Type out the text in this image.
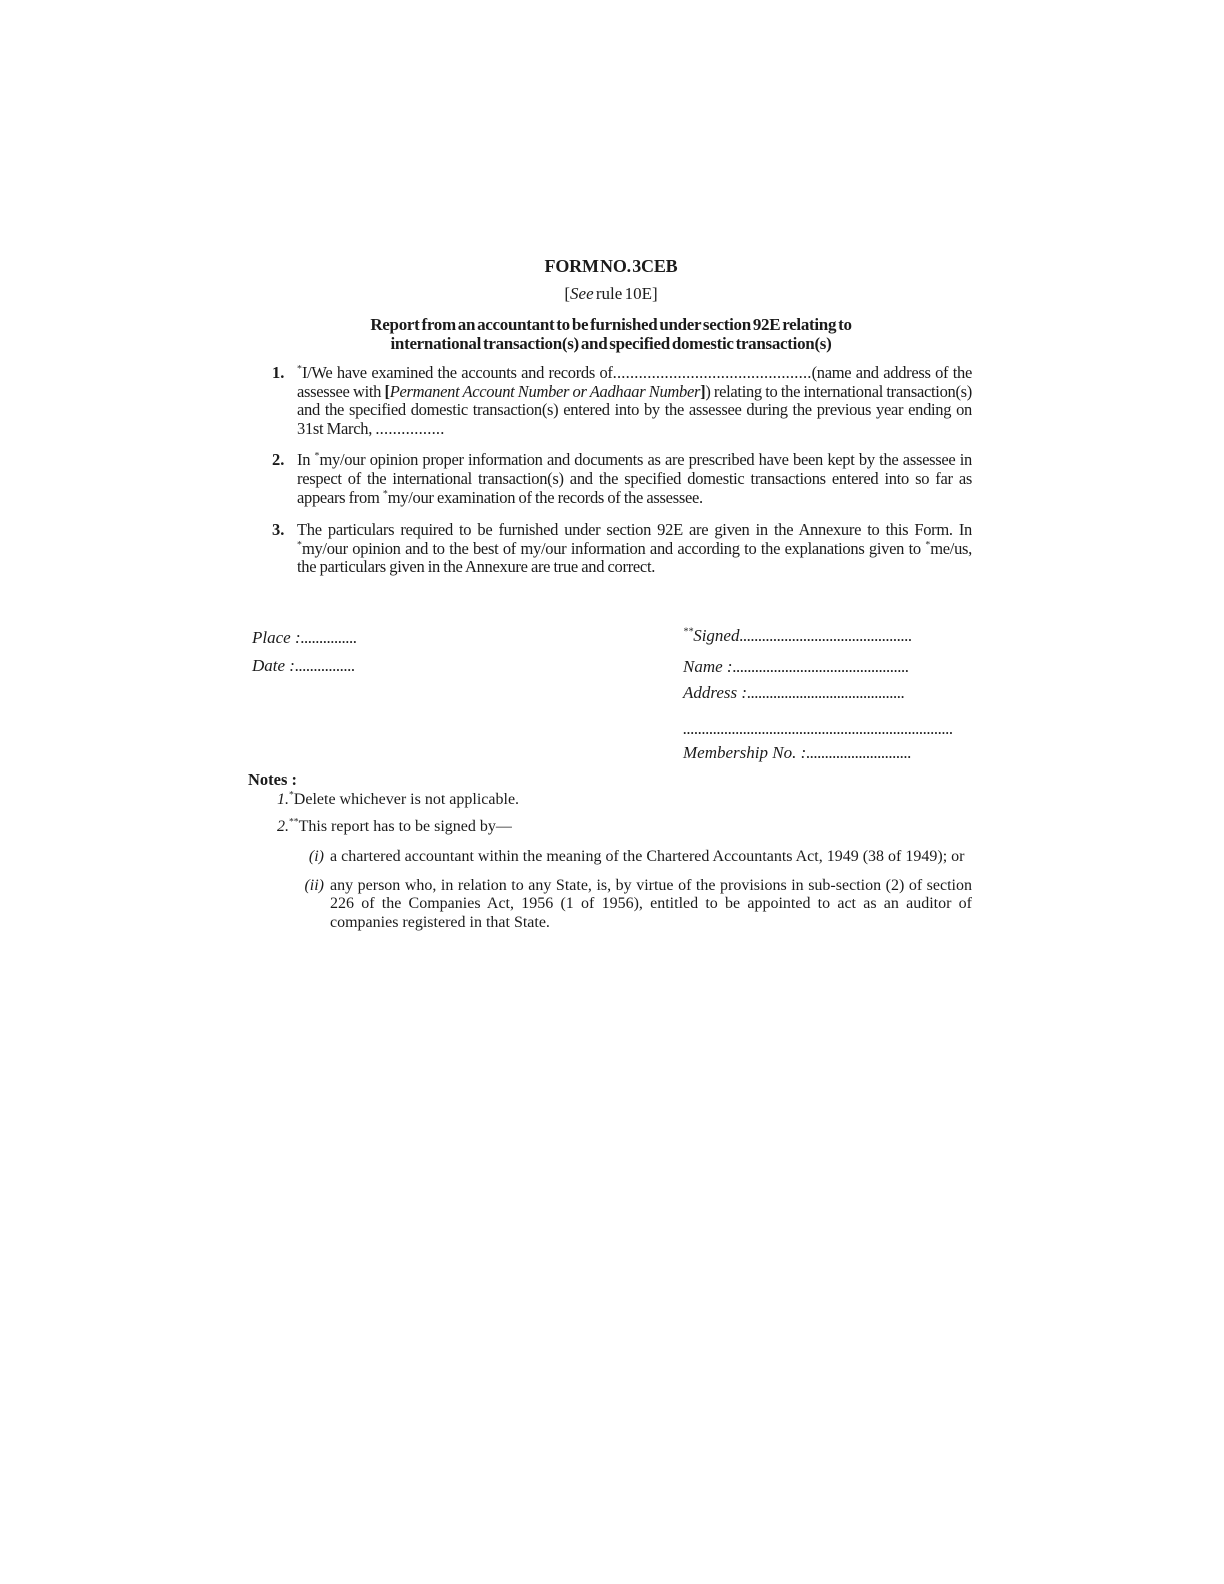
FORM NO. 3CEB
[See rule 10E]
Report from an accountant to be furnished under section 92E relating to
international transaction(s) and specified domestic transaction(s)
1. *I/We have examined the accounts and records of..............................................(name and address of the assessee with [Permanent Account Number or Aadhaar Number]) relating to the international transaction(s) and the specified domestic transaction(s) entered into by the assessee during the previous year ending on 31st March, ................

2. In *my/our opinion proper information and documents as are prescribed have been kept by the assessee in respect of the international transaction(s) and the specified domestic transactions entered into so far as appears from *my/our examination of the records of the assessee.

3. The particulars required to be furnished under section 92E are given in the Annexure to this Form. In *my/our opinion and to the best of my/our information and according to the explanations given to *me/us, the particulars given in the Annexure are true and correct.

Place :...............
Date :................
**Signed..............................................
Name :...............................................
Address :..........................................
........................................................................
Membership No. :............................
Notes :
1. *Delete whichever is not applicable.

2. **This report has to be signed by—

(i) a chartered accountant within the meaning of the Chartered Accountants Act, 1949 (38 of 1949); or

(ii) any person who, in relation to any State, is, by virtue of the provisions in sub-section (2) of section 226 of the Companies Act, 1956 (1 of 1956), entitled to be appointed to act as an auditor of companies registered in that State.
